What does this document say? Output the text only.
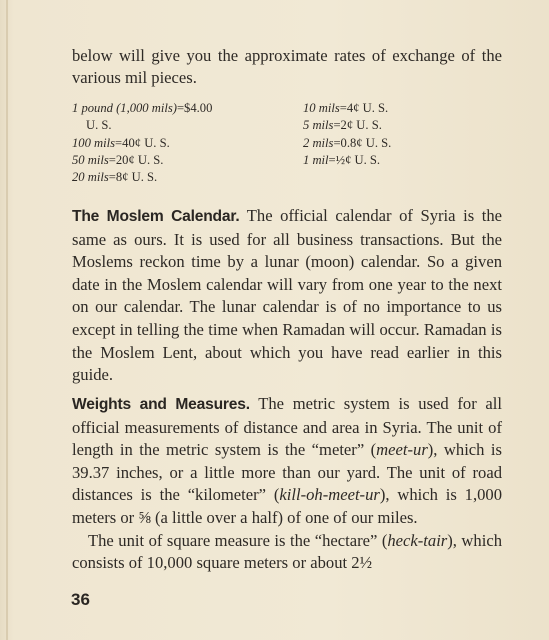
below will give you the approximate rates of exchange of the various mil pieces.

1 pound (1,000 mils)=$4.00
U. S.
100 mils=40¢ U. S.
50 mils=20¢ U. S.
20 mils=8¢ U. S.
10 mils=4¢ U. S.
5 mils=2¢ U. S.
2 mils=0.8¢ U. S.
1 mil=½¢ U. S.

The Moslem Calendar. The official calendar of Syria is the same as ours. It is used for all business transactions. But the Moslems reckon time by a lunar (moon) calendar. So a given date in the Moslem calendar will vary from one year to the next on our calendar. The lunar calendar is of no importance to us except in telling the time when Ramadan will occur. Ramadan is the Moslem Lent, about which you have read earlier in this guide.

Weights and Measures. The metric system is used for all official measurements of distance and area in Syria. The unit of length in the metric system is the “meter” (meet-ur), which is 39.37 inches, or a little more than our yard. The unit of road distances is the “kilometer” (kill-oh-meet-ur), which is 1,000 meters or ⅝ (a little over a half) of one of our miles.

The unit of square measure is the “hectare” (heck-tair), which consists of 10,000 square meters or about 2½

36
